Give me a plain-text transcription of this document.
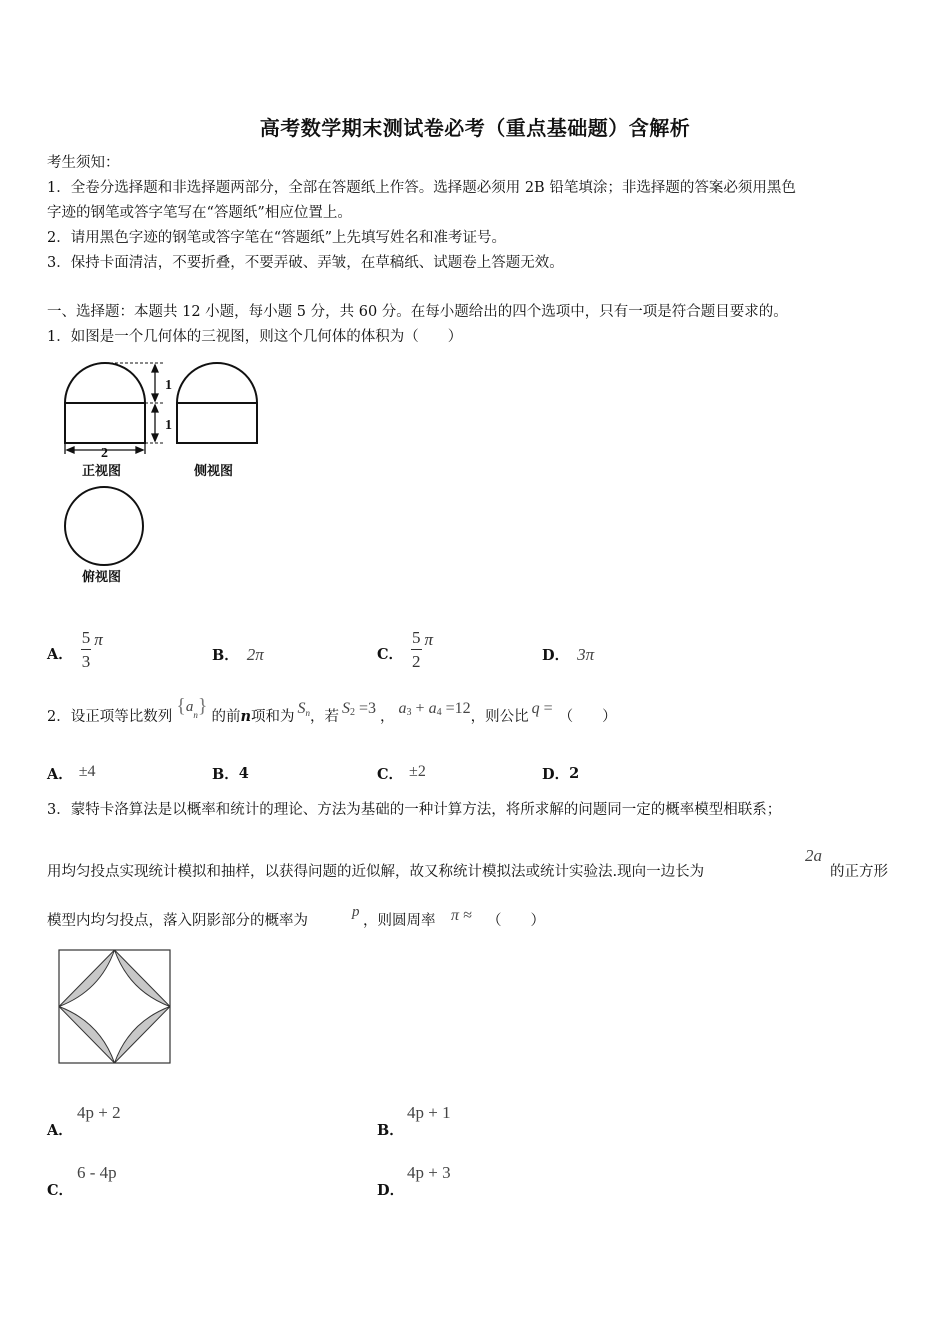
高考数学期末测试卷必考（重点基础题）含解析
考生须知：
1．全卷分选择题和非选择题两部分，全部在答题纸上作答。选择题必须用 2B 铅笔填涂；非选择题的答案必须用黑色
字迹的钢笔或答字笔写在“答题纸”相应位置上。
2．请用黑色字迹的钢笔或答字笔在“答题纸”上先填写姓名和准考证号。
3．保持卡面清洁，不要折叠，不要弄破、弄皱，在草稿纸、试题卷上答题无效。
一、选择题：本题共 12 小题，每小题 5 分，共 60 分。在每小题给出的四个选项中，只有一项是符合题目要求的。
1．如图是一个几何体的三视图，则这个几何体的体积为（　　）
1
1
2
正视图	侧视图
俯视图
A． $\frac{5}{3}$ π
B． 2π	C． $\frac{5}{2}$ π
D． 3π
2．设正项等比数列 { a n } 的前 n 项和为 S n ，若 S 2 =3 ， a 3 + a 4 =12 ，则公比 q = （　　）
A． ±4	B． 4	C． ±2	D． 2
3．蒙特卡洛算法是以概率和统计的理论、方法为基础的一种计算方法，将所求解的问题同一定的概率模型相联系；
用均匀投点实现统计模拟和抽样，以获得问题的近似解，故又称统计模拟法或统计实验法.现向一边长为
2a
的正方形
模型内均匀投点，落入阴影部分的概率为
p
，则圆周率 π ≈ （　　）
A．
4p + 2
B．
4p + 1
C．
6 - 4p
D．
4p + 3
